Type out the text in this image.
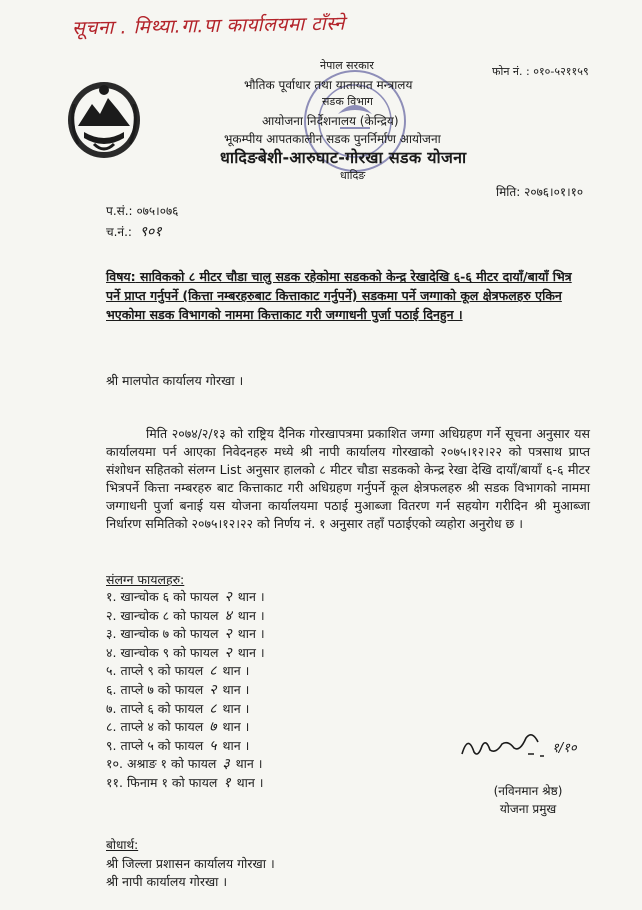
सूचना . मिथ्या.गा.पा कार्यालयमा टाँस्ने
फोन नं. : ०१०-५२११५९
नेपाल सरकार
भौतिक पूर्वाधार तथा यातायात मन्त्रालय
सडक विभाग
आयोजना निर्देशनालय (केन्द्रिय)
भूकम्पीय आपतकालीन सडक पुनर्निर्माण आयोजना
धादिङबेशी-आरुघाट-गोरखा सडक योजना
धादिङ
मिति: २०७६।०१।१०
प.सं.: ०७५।०७६
च.नं.: ९०१
विषय: साविकको ८ मीटर चौडा चालु सडक रहेकोमा सडकको केन्द्र रेखादेखि ६-६ मीटर दायाँ/बायाँ भित्र पर्ने प्राप्त गर्नुपर्ने (कित्ता नम्बरहरुबाट कित्ताकाट गर्नुपर्ने) सडकमा पर्ने जग्गाको कूल क्षेत्रफलहरु एकिन भएकोमा सडक विभागको नाममा कित्ताकाट गरी जग्गाधनी पुर्जा पठाई दिनहुन ।
श्री मालपोत कार्यालय गोरखा ।
मिति २०७४/२/१३ को राष्ट्रिय दैनिक गोरखापत्रमा प्रकाशित जग्गा अधिग्रहण गर्ने सूचना अनुसार यस कार्यालयमा पर्न आएका निवेदनहरु मध्ये श्री नापी कार्यालय गोरखाको २०७५।१२।२२ को पत्रसाथ प्राप्त संशोधन सहितको संलग्न List अनुसार हालको ८ मीटर चौडा सडकको केन्द्र रेखा देखि दायाँ/बायाँ ६-६ मीटर भित्रपर्ने कित्ता नम्बरहरु बाट कित्ताकाट गरी अधिग्रहण गर्नुपर्ने कूल क्षेत्रफलहरु श्री सडक विभागको नाममा जग्गाधनी पुर्जा बनाई यस योजना कार्यालयमा पठाई मुआब्जा वितरण गर्न सहयोग गरीदिन श्री मुआब्जा निर्धारण समितिको २०७५।१२।२२ को निर्णय नं. १ अनुसार तहाँ पठाईएको व्यहोरा अनुरोध छ ।
संलग्न फायलहरु:
१. खान्चोक ६ को फायल २ थान ।
२. खान्चोक ८ को फायल ४ थान ।
३. खान्चोक ७ को फायल २ थान ।
४. खान्चोक ९ को फायल २ थान ।
५. ताप्ले ९ को फायल ८ थान ।
६. ताप्ले ७ को फायल २ थान ।
७. ताप्ले ६ को फायल ८ थान ।
८. ताप्ले ४ को फायल ७ थान ।
९. ताप्ले ५ को फायल ५ थान ।
१०. अश्राङ १ को फायल ३ थान ।
११. फिनाम १ को फायल १ थान ।
१/१०
(नविनमान श्रेष्ठ)
योजना प्रमुख
बोधार्थ:
श्री जिल्ला प्रशासन कार्यालय गोरखा ।
श्री नापी कार्यालय गोरखा ।
